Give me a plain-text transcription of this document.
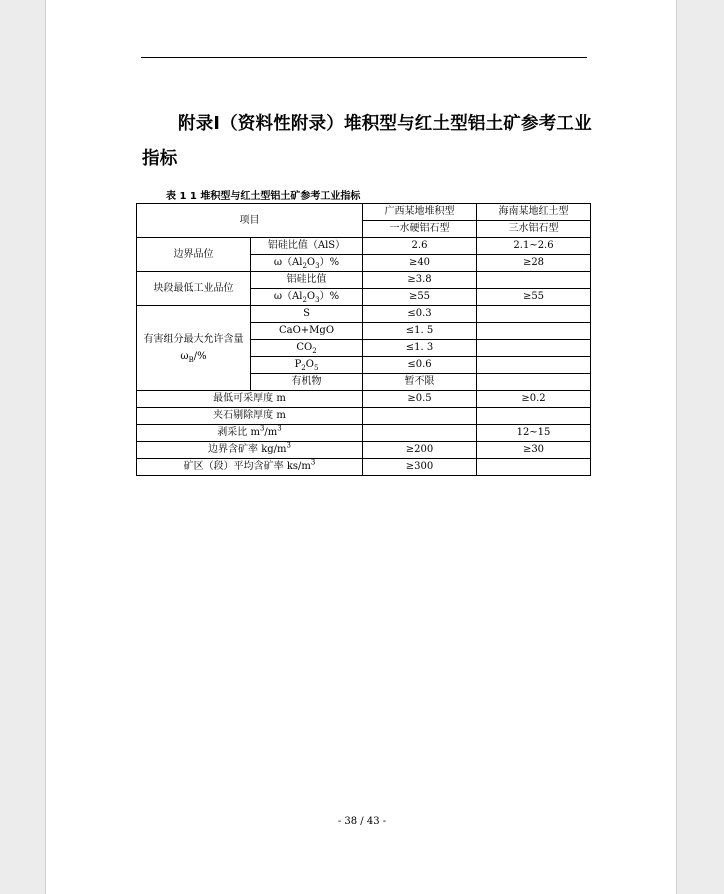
附录Ⅰ（资料性附录）堆积型与红土型铝土矿参考工业指标
表 1 1 堆积型与红土型铝土矿参考工业指标
项目		广西某地堆积型	海南某地红土型
		一水硬铝石型	三水铝石型
边界品位	铝硅比值（AlS）	2.6	2.1~2.6
	$\omega(Al_2O_3)\%$	≥40	≥28
块段最低工业品位	铝硅比值	≥3.8	
	$\omega(Al_2O_3)\%$	≥55	≥55
有害组分最大允许含量$\omega_B/\%$	S	≤0.3	
	CaO+MgO	≤1. 5	
	$CO_2$	≤1. 3	
	$P_2O_5$	≤0.6	
	有机物	暂不限	
最低可采厚度 m		≥0.5	≥0.2
夹石剔除厚度 m			
剥采比 $m^3/m^3$			12~15
边界含矿率 $kg/m^3$		≥200	≥30
矿区（段）平均含矿率 $ks/m^3$		≥300	
- 38 / 43 -
